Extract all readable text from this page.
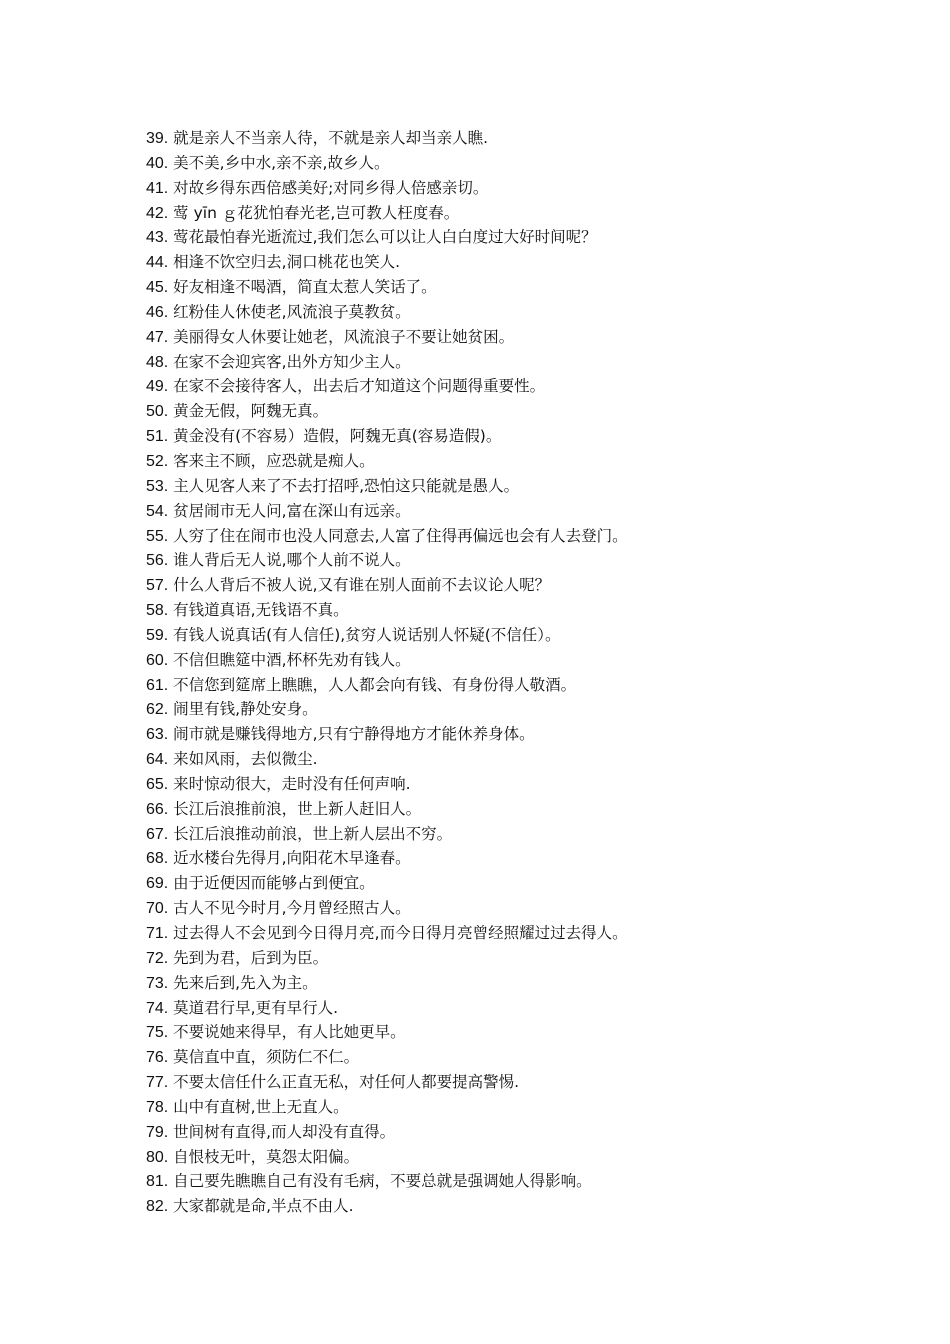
39. 就是亲人不当亲人待，不就是亲人却当亲人瞧.
40. 美不美,乡中水,亲不亲,故乡人。
41. 对故乡得东西倍感美好;对同乡得人倍感亲切。
42. 莺 yīn ｇ花犹怕春光老,岂可教人枉度春。
43. 莺花最怕春光逝流过,我们怎么可以让人白白度过大好时间呢？
44. 相逢不饮空归去,洞口桃花也笑人.
45. 好友相逢不喝酒，简直太惹人笑话了。
46. 红粉佳人休使老,风流浪子莫教贫。
47. 美丽得女人休要让她老，风流浪子不要让她贫困。
48. 在家不会迎宾客,出外方知少主人。
49. 在家不会接待客人，出去后才知道这个问题得重要性。
50. 黄金无假，阿魏无真。
51. 黄金没有(不容易）造假，阿魏无真(容易造假)。
52. 客来主不顾，应恐就是痴人。
53. 主人见客人来了不去打招呼,恐怕这只能就是愚人。
54. 贫居闹市无人问,富在深山有远亲。
55. 人穷了住在闹市也没人同意去,人富了住得再偏远也会有人去登门。
56. 谁人背后无人说,哪个人前不说人。
57. 什么人背后不被人说,又有谁在别人面前不去议论人呢？
58. 有钱道真语,无钱语不真。
59. 有钱人说真话(有人信任),贫穷人说话别人怀疑(不信任）。
60. 不信但瞧筵中酒,杯杯先劝有钱人。
61. 不信您到筵席上瞧瞧，人人都会向有钱、有身份得人敬酒。
62. 闹里有钱,静处安身。
63. 闹市就是赚钱得地方,只有宁静得地方才能休养身体。
64. 来如风雨，去似微尘.
65. 来时惊动很大，走时没有任何声响.
66. 长江后浪推前浪，世上新人赶旧人。
67. 长江后浪推动前浪，世上新人层出不穷。
68. 近水楼台先得月,向阳花木早逢春。
69. 由于近便因而能够占到便宜。
70. 古人不见今时月,今月曾经照古人。
71. 过去得人不会见到今日得月亮,而今日得月亮曾经照耀过过去得人。
72. 先到为君，后到为臣。
73. 先来后到,先入为主。
74. 莫道君行早,更有早行人.
75. 不要说她来得早，有人比她更早。
76. 莫信直中直，须防仁不仁。
77. 不要太信任什么正直无私，对任何人都要提高警惕.
78. 山中有直树,世上无直人。
79. 世间树有直得,而人却没有直得。
80. 自恨枝无叶，莫怨太阳偏。
81. 自己要先瞧瞧自己有没有毛病，不要总就是强调她人得影响。
82. 大家都就是命,半点不由人.
